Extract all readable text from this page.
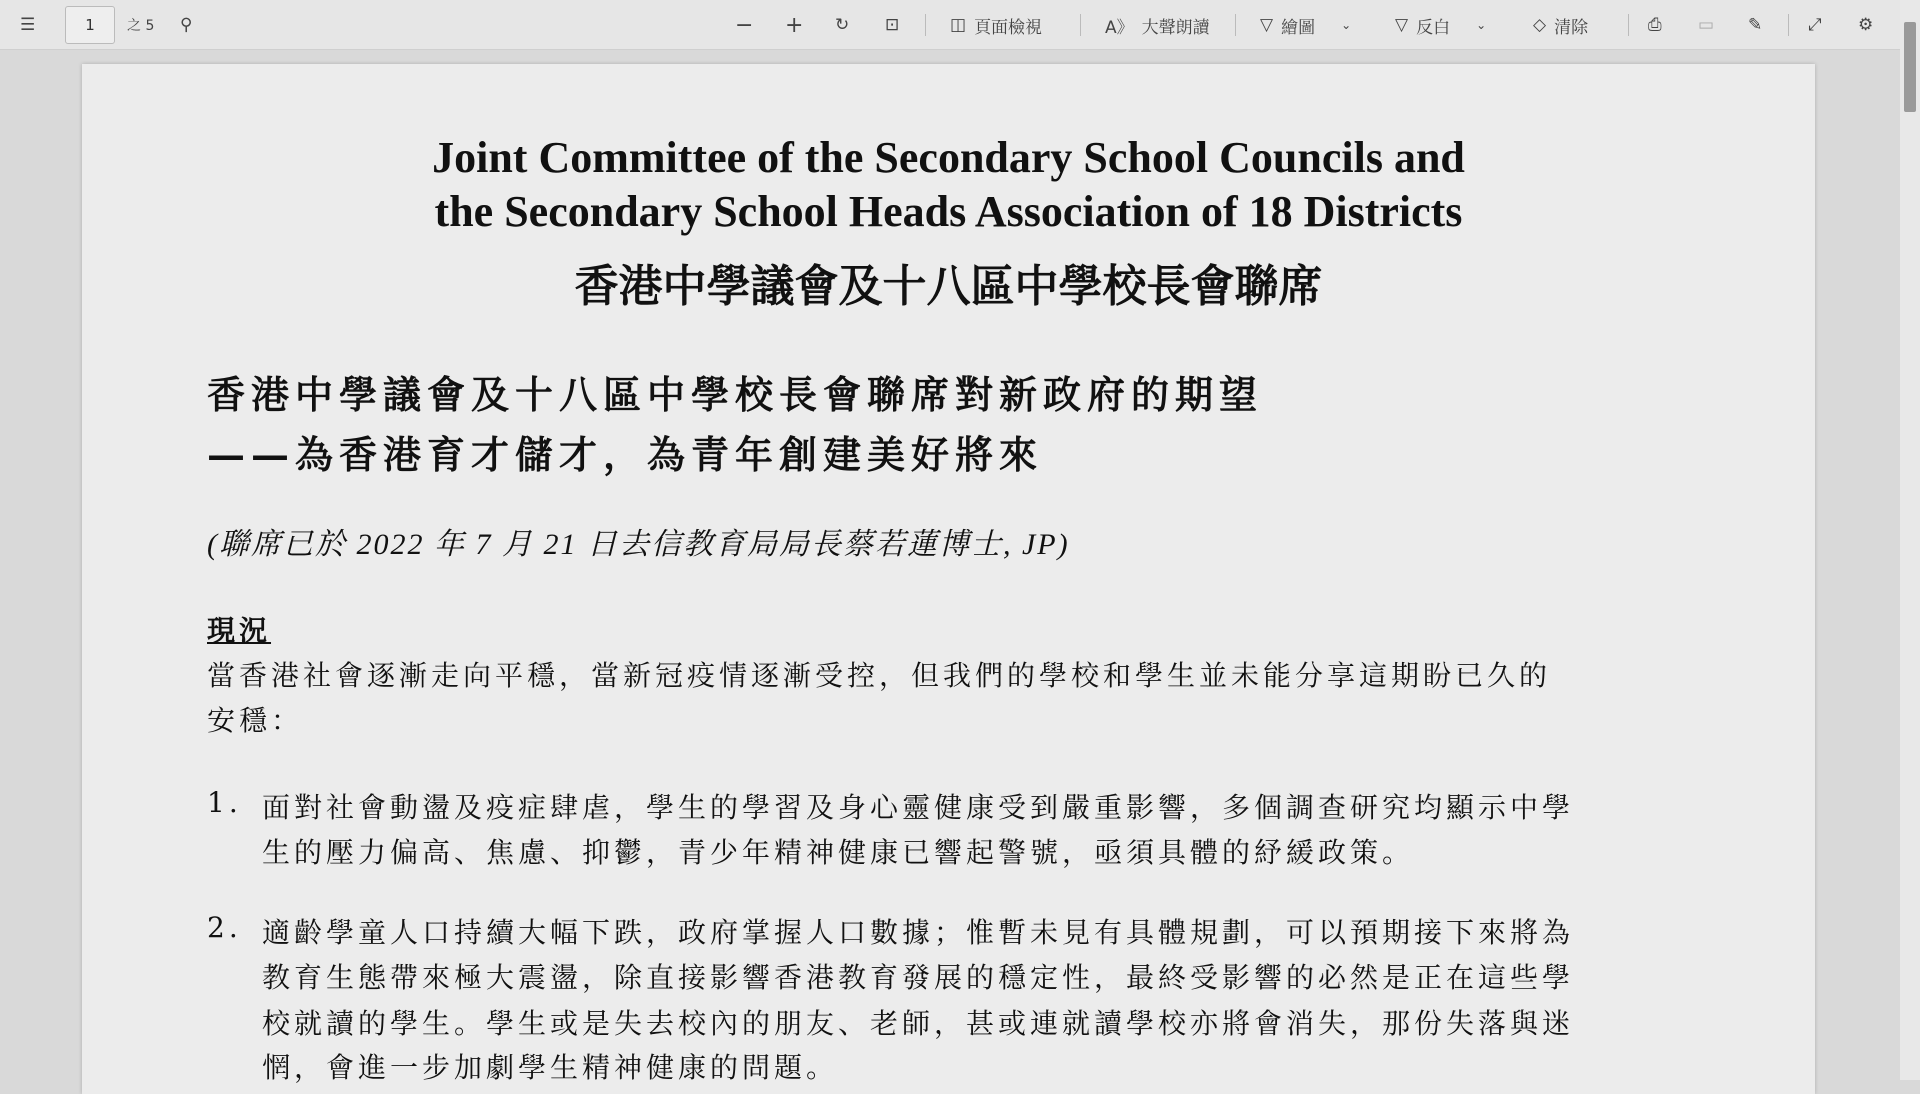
☰	1	之 5 ⚲	− + ↻ ⊡	◫ 頁面檢視	A》 大聲朗讀	▽ 繪圖 ⌄	▽ 反白 ⌄	◇ 清除	⎙ ▭ ✎	⤢ ⚙
Joint Committee of the Secondary School Councils and
the Secondary School Heads Association of 18 Districts
香港中學議會及十八區中學校長會聯席
香港中學議會及十八區中學校長會聯席對新政府的期望
——為香港育才儲才，為青年創建美好將來
(聯席已於 2022 年 7 月 21 日去信教育局局長蔡若蓮博士, JP)
現況
當香港社會逐漸走向平穩，當新冠疫情逐漸受控，但我們的學校和學生並未能分享這期盼已久的
安穩：
1. 面對社會動盪及疫症肆虐，學生的學習及身心靈健康受到嚴重影響，多個調查研究均顯示中學
生的壓力偏高、焦慮、抑鬱，青少年精神健康已響起警號，亟須具體的紓緩政策。
2. 適齡學童人口持續大幅下跌，政府掌握人口數據；惟暫未見有具體規劃，可以預期接下來將為
教育生態帶來極大震盪，除直接影響香港教育發展的穩定性，最終受影響的必然是正在這些學
校就讀的學生。學生或是失去校內的朋友、老師，甚或連就讀學校亦將會消失，那份失落與迷
惘，會進一步加劇學生精神健康的問題。
